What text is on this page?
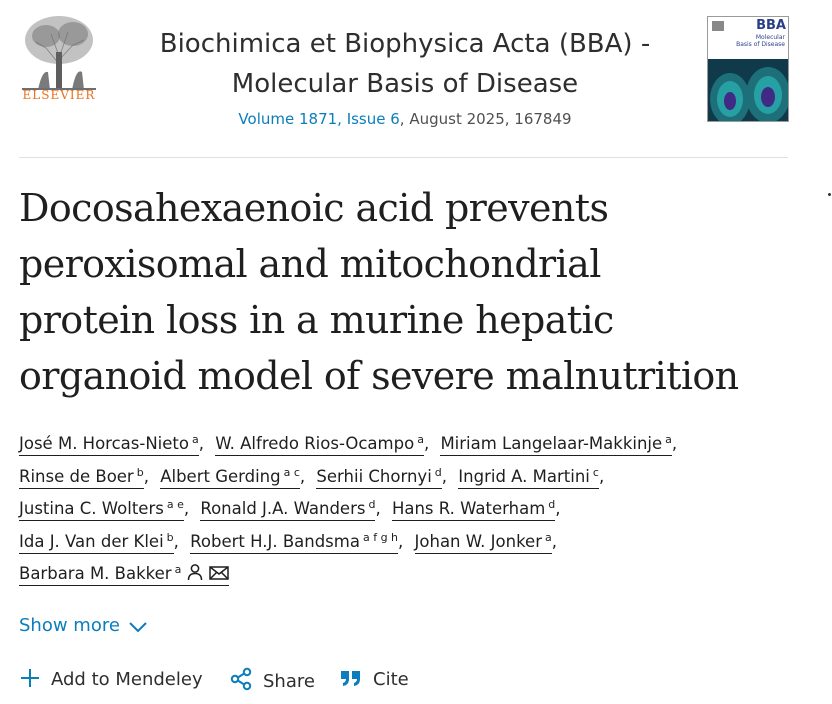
ELSEVIER
Biochimica et Biophysica Acta (BBA) -
Molecular Basis of Disease
Volume 1871, Issue 6, August 2025, 167849
BBA
Molecular
Basis of Disease
Docosahexaenoic acid prevents
peroxisomal and mitochondrial
protein loss in a murine hepatic
organoid model of severe malnutrition
José M. Horcas-Nieto $^a$, W. Alfredo Rios-Ocampo $^a$, Miriam Langelaar-Makkinje $^a$,
Rinse de Boer $^b$, Albert Gerding $^{a c}$, Serhii Chornyi $^d$, Ingrid A. Martini $^c$,
Justina C. Wolters $^{a e}$, Ronald J.A. Wanders $^d$, Hans R. Waterham $^d$,
Ida J. Van der Klei $^b$, Robert H.J. Bandsma $^{a f g h}$, Johan W. Jonker $^a$,
Barbara M. Bakker $^a$
Show more
Add to Mendeley	Share	Cite
